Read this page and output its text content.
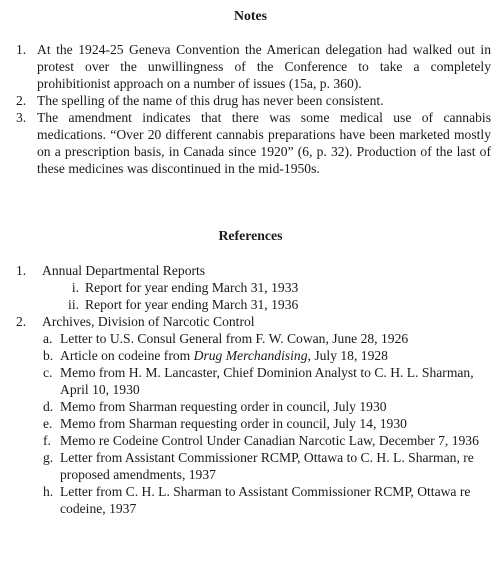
Notes
1. At the 1924-25 Geneva Convention the American delegation had walked out in protest over the unwillingness of the Conference to take a completely prohibitionist approach on a number of issues (15a, p. 360).
2. The spelling of the name of this drug has never been consistent.
3. The amendment indicates that there was some medical use of cannabis medications. “Over 20 different cannabis preparations have been marketed mostly on a prescription basis, in Canada since 1920” (6, p. 32). Production of the last of these medicines was discontinued in the mid-1950s.
References
1. Annual Departmental Reports
i. Report for year ending March 31, 1933
ii. Report for year ending March 31, 1936
2. Archives, Division of Narcotic Control
a. Letter to U.S. Consul General from F. W. Cowan, June 28, 1926
b. Article on codeine from Drug Merchandising, July 18, 1928
c. Memo from H. M. Lancaster, Chief Dominion Analyst to C. H. L. Sharman, April 10, 1930
d. Memo from Sharman requesting order in council, July 1930
e. Memo from Sharman requesting order in council, July 14, 1930
f. Memo re Codeine Control Under Canadian Narcotic Law, December 7, 1936
g. Letter from Assistant Commissioner RCMP, Ottawa to C. H. L. Sharman, re proposed amendments, 1937
h. Letter from C. H. L. Sharman to Assistant Commissioner RCMP, Ottawa re codeine, 1937
